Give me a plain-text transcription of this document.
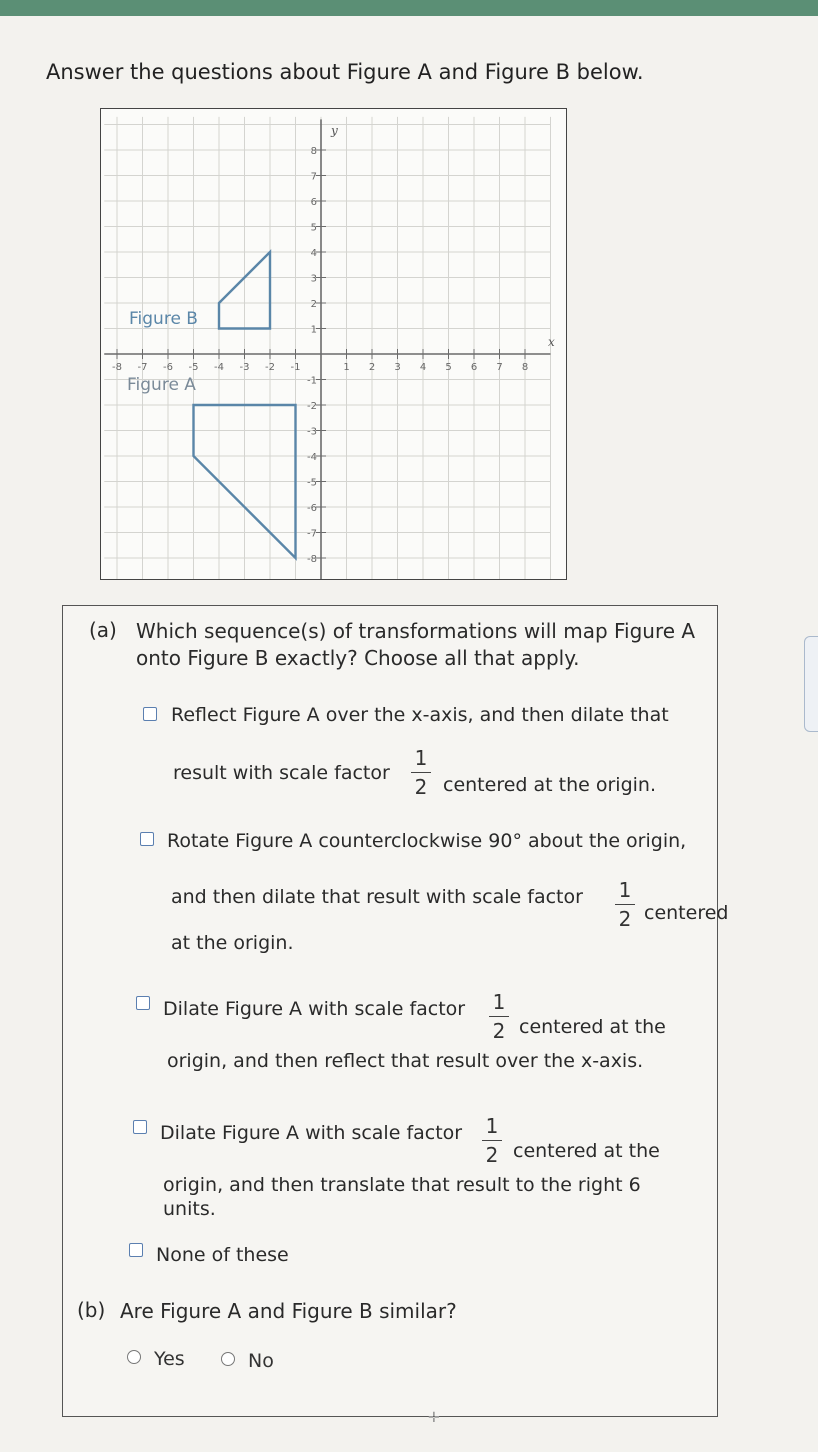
Answer the questions about Figure A and Figure B below.
-8 -7 -6 -5 -4 -3 -2 -1	1 2 3 4 5 6 7 8
8
7
6
5
4
3
2
1
-1
-2
-3
-4
-5
-6
-7
-8
x
y
Figure B
Figure A
(a) Which sequence(s) of transformations will map Figure A
onto Figure B exactly? Choose all that apply.
Reflect Figure A over the x-axis, and then dilate that
result with scale factor
1
2 centered at the origin.
Rotate Figure A counterclockwise 90° about the origin,
and then dilate that result with scale factor 1
2 centered
at the origin.
Dilate Figure A with scale factor 1
2 centered at the
origin, and then reflect that result over the x-axis.
Dilate Figure A with scale factor 1
2 centered at the
origin, and then translate that result to the right 6
units.
None of these
(b) Are Figure A and Figure B similar?
Yes	No
✛
